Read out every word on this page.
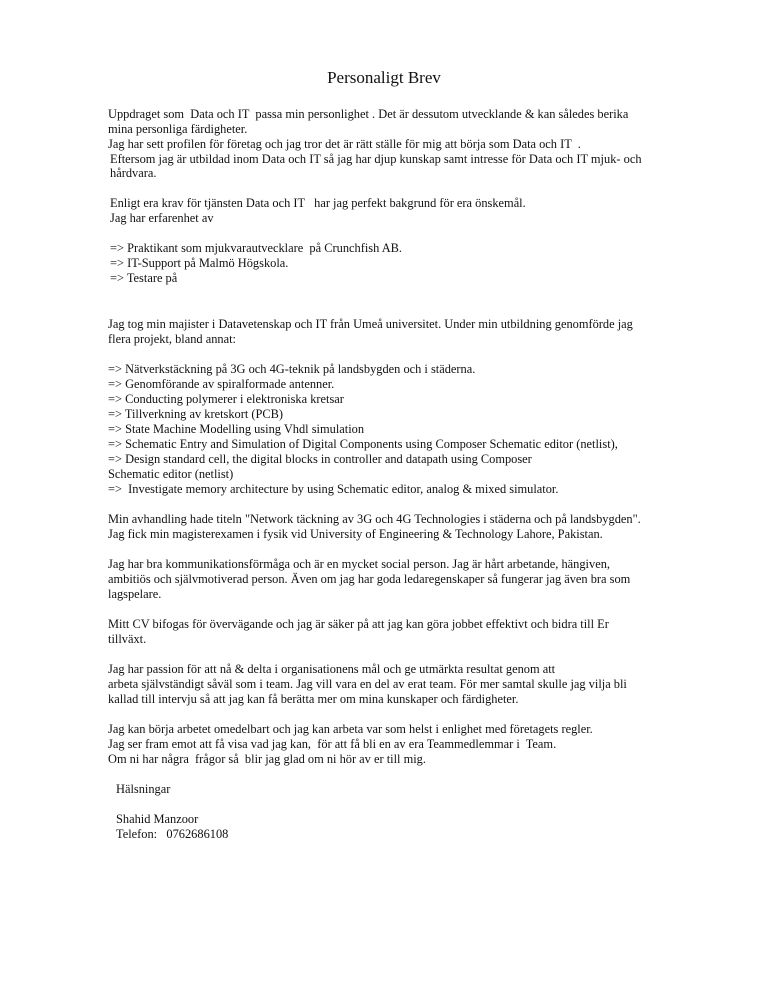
Personaligt Brev
Uppdraget som  Data och IT  passa min personlighet . Det är dessutom utvecklande & kan således berika
mina personliga färdigheter.
Jag har sett profilen för företag och jag tror det är rätt ställe för mig att börja som Data och IT  .
Eftersom jag är utbildad inom Data och IT så jag har djup kunskap samt intresse för Data och IT mjuk- och
hårdvara.
Enligt era krav för tjänsten Data och IT   har jag perfekt bakgrund för era önskemål.
Jag har erfarenhet av
=> Praktikant som mjukvarautvecklare  på Crunchfish AB.
=> IT-Support på Malmö Högskola.
=> Testare på
Jag tog min majister i Datavetenskap och IT från Umeå universitet. Under min utbildning genomförde jag
flera projekt, bland annat:
=> Nätverkstäckning på 3G och 4G-teknik på landsbygden och i städerna.
=> Genomförande av spiralformade antenner.
=> Conducting polymerer i elektroniska kretsar
=> Tillverkning av kretskort (PCB)
=> State Machine Modelling using Vhdl simulation
=> Schematic Entry and Simulation of Digital Components using Composer Schematic editor (netlist),
=> Design standard cell, the digital blocks in controller and datapath using Composer
Schematic editor (netlist)
=>  Investigate memory architecture by using Schematic editor, analog & mixed simulator.
Min avhandling hade titeln "Network täckning av 3G och 4G Technologies i städerna och på landsbygden".
Jag fick min magisterexamen i fysik vid University of Engineering & Technology Lahore, Pakistan.
Jag har bra kommunikationsförmåga och är en mycket social person. Jag är hårt arbetande, hängiven,
ambitiös och självmotiverad person. Även om jag har goda ledaregenskaper så fungerar jag även bra som
lagspelare.
Mitt CV bifogas för övervägande och jag är säker på att jag kan göra jobbet effektivt och bidra till Er
tillväxt.
Jag har passion för att nå & delta i organisationens mål och ge utmärkta resultat genom att
arbeta självständigt såväl som i team. Jag vill vara en del av erat team. För mer samtal skulle jag vilja bli
kallad till intervju så att jag kan få berätta mer om mina kunskaper och färdigheter.
Jag kan börja arbetet omedelbart och jag kan arbeta var som helst i enlighet med företagets regler.
Jag ser fram emot att få visa vad jag kan,  för att få bli en av era Teammedlemmar i  Team.
Om ni har några  frågor så  blir jag glad om ni hör av er till mig.
Hälsningar
Shahid Manzoor
Telefon:   0762686108
